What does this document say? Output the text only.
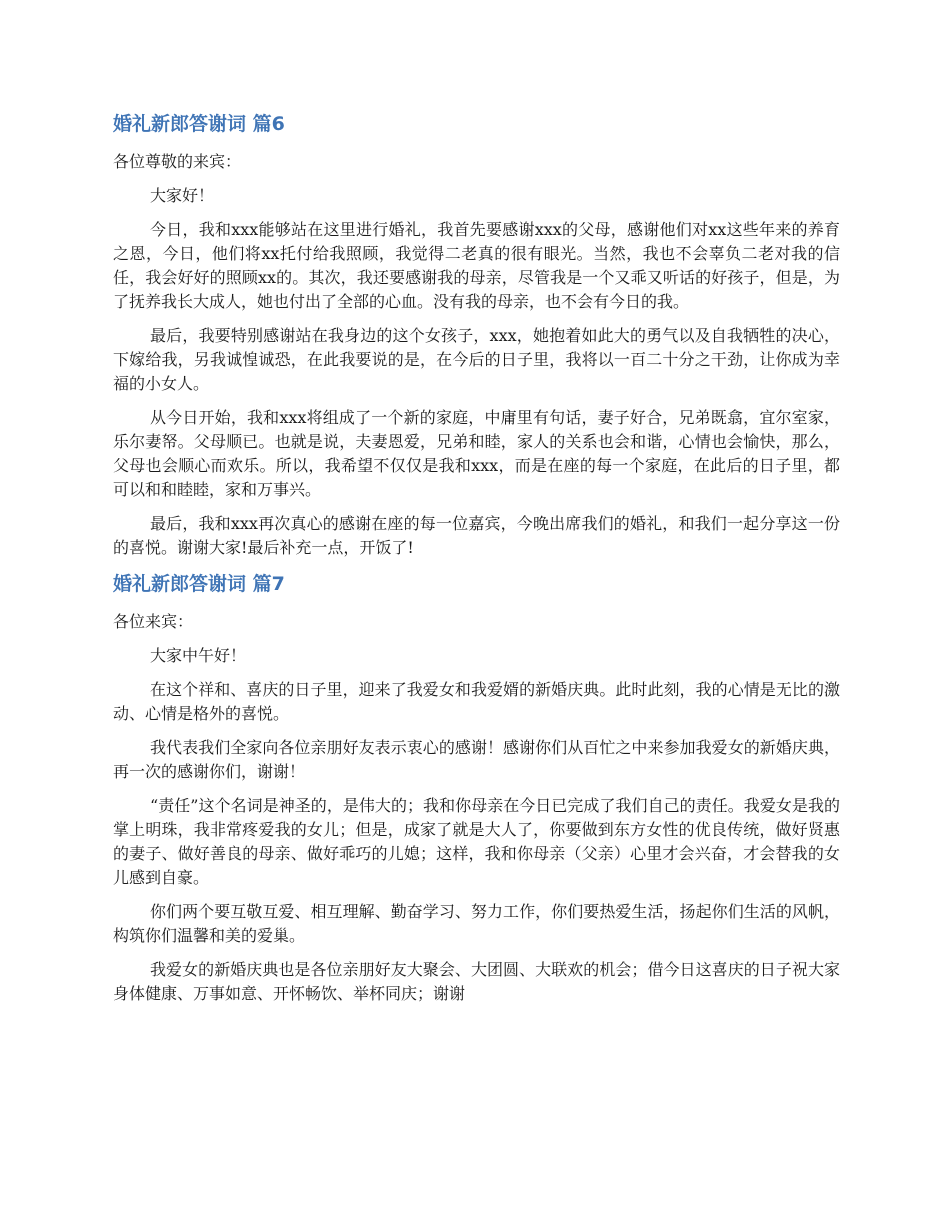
婚礼新郎答谢词 篇6

各位尊敬的来宾：

大家好！

今日，我和xxx能够站在这里进行婚礼，我首先要感谢xxx的父母，感谢他们对xx这些年来的养育之恩，今日，他们将xx托付给我照顾，我觉得二老真的很有眼光。当然，我也不会辜负二老对我的信任，我会好好的照顾xx的。其次，我还要感谢我的母亲，尽管我是一个又乖又听话的好孩子，但是，为了抚养我长大成人，她也付出了全部的心血。没有我的母亲，也不会有今日的我。

最后，我要特别感谢站在我身边的这个女孩子，xxx，她抱着如此大的勇气以及自我牺牲的决心，下嫁给我，另我诚惶诚恐，在此我要说的是，在今后的日子里，我将以一百二十分之干劲，让你成为幸福的小女人。

从今日开始，我和xxx将组成了一个新的家庭，中庸里有句话，妻子好合，兄弟既翕，宜尔室家，乐尔妻帑。父母顺已。也就是说，夫妻恩爱，兄弟和睦，家人的关系也会和谐，心情也会愉快，那么，父母也会顺心而欢乐。所以，我希望不仅仅是我和xxx，而是在座的每一个家庭，在此后的日子里，都可以和和睦睦，家和万事兴。

最后，我和xxx再次真心的感谢在座的每一位嘉宾，今晚出席我们的婚礼，和我们一起分享这一份的喜悦。谢谢大家!最后补充一点，开饭了!

婚礼新郎答谢词 篇7

各位来宾：

大家中午好！

在这个祥和、喜庆的日子里，迎来了我爱女和我爱婿的新婚庆典。此时此刻，我的心情是无比的激动、心情是格外的喜悦。

我代表我们全家向各位亲朋好友表示衷心的感谢！感谢你们从百忙之中来参加我爱女的新婚庆典，再一次的感谢你们，谢谢！

“责任”这个名词是神圣的，是伟大的；我和你母亲在今日已完成了我们自己的责任。我爱女是我的掌上明珠，我非常疼爱我的女儿；但是，成家了就是大人了，你要做到东方女性的优良传统，做好贤惠的妻子、做好善良的母亲、做好乖巧的儿媳；这样，我和你母亲（父亲）心里才会兴奋，才会替我的女儿感到自豪。

你们两个要互敬互爱、相互理解、勤奋学习、努力工作，你们要热爱生活，扬起你们生活的风帆，构筑你们温馨和美的爱巢。

我爱女的新婚庆典也是各位亲朋好友大聚会、大团圆、大联欢的机会；借今日这喜庆的日子祝大家身体健康、万事如意、开怀畅饮、举杯同庆；谢谢
